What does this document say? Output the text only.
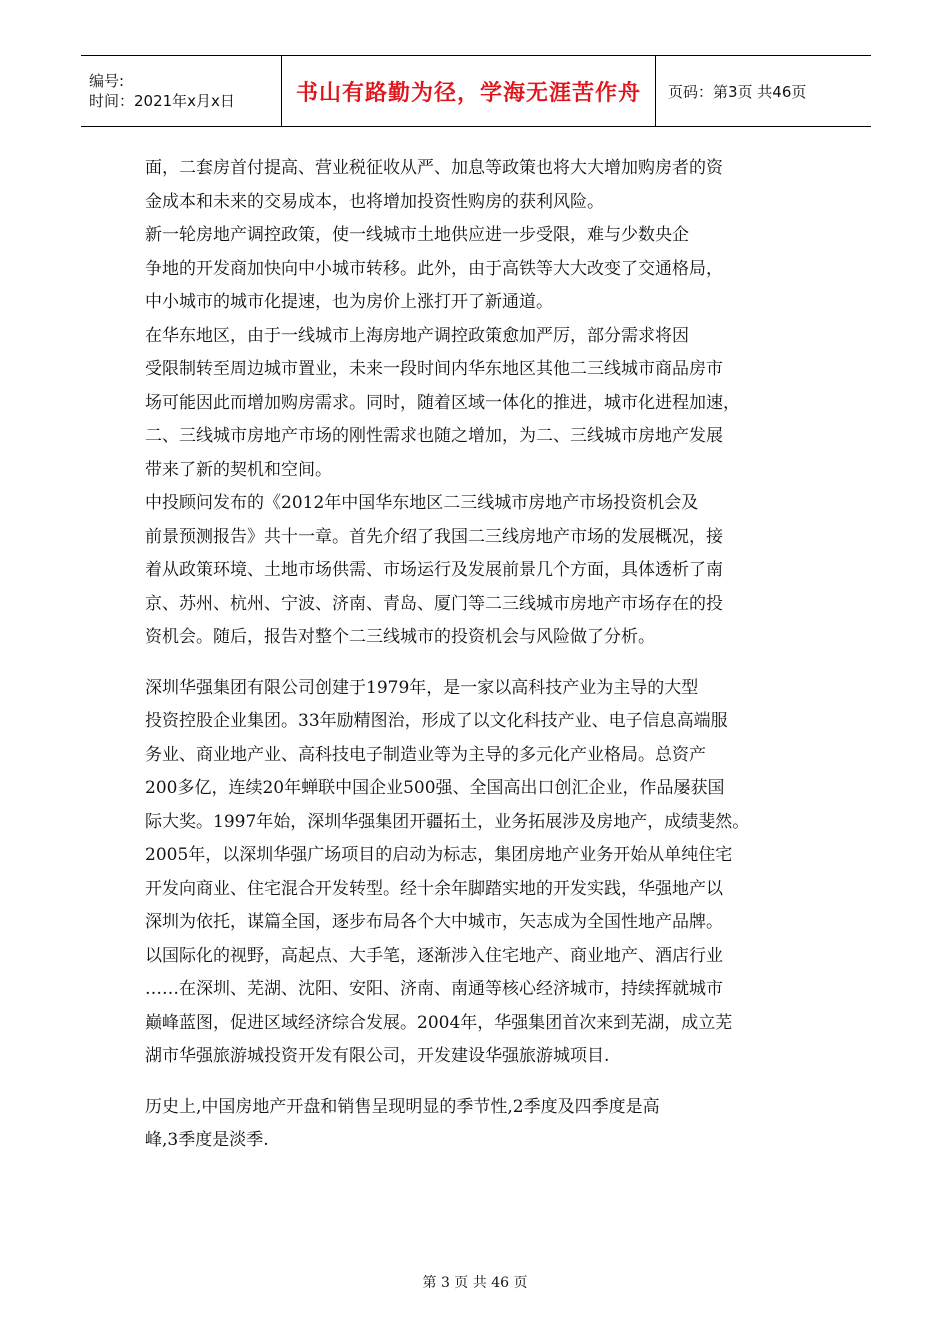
编号:
时间：2021年x月x日	书山有路勤为径，学海无涯苦作舟	页码：第3页 共46页
面，二套房首付提高、营业税征收从严、加息等政策也将大大增加购房者的资
金成本和未来的交易成本，也将增加投资性购房的获利风险。
新一轮房地产调控政策，使一线城市土地供应进一步受限，难与少数央企
争地的开发商加快向中小城市转移。此外，由于高铁等大大改变了交通格局，
中小城市的城市化提速，也为房价上涨打开了新通道。
在华东地区，由于一线城市上海房地产调控政策愈加严厉，部分需求将因
受限制转至周边城市置业，未来一段时间内华东地区其他二三线城市商品房市
场可能因此而增加购房需求。同时，随着区域一体化的推进，城市化进程加速，
二、三线城市房地产市场的刚性需求也随之增加，为二、三线城市房地产发展
带来了新的契机和空间。
中投顾问发布的《2012年中国华东地区二三线城市房地产市场投资机会及
前景预测报告》共十一章。首先介绍了我国二三线房地产市场的发展概况，接
着从政策环境、土地市场供需、市场运行及发展前景几个方面，具体透析了南
京、苏州、杭州、宁波、济南、青岛、厦门等二三线城市房地产市场存在的投
资机会。随后，报告对整个二三线城市的投资机会与风险做了分析。
深圳华强集团有限公司创建于1979年，是一家以高科技产业为主导的大型
投资控股企业集团。33年励精图治，形成了以文化科技产业、电子信息高端服
务业、商业地产业、高科技电子制造业等为主导的多元化产业格局。总资产
200多亿，连续20年蝉联中国企业500强、全国高出口创汇企业，作品屡获国
际大奖。1997年始，深圳华强集团开疆拓土，业务拓展涉及房地产，成绩斐然。
2005年，以深圳华强广场项目的启动为标志，集团房地产业务开始从单纯住宅
开发向商业、住宅混合开发转型。经十余年脚踏实地的开发实践，华强地产以
深圳为依托，谋篇全国，逐步布局各个大中城市，矢志成为全国性地产品牌。
以国际化的视野，高起点、大手笔，逐渐涉入住宅地产、商业地产、酒店行业
……在深圳、芜湖、沈阳、安阳、济南、南通等核心经济城市，持续挥就城市
巅峰蓝图，促进区域经济综合发展。2004年，华强集团首次来到芜湖，成立芜
湖市华强旅游城投资开发有限公司，开发建设华强旅游城项目.
历史上,中国房地产开盘和销售呈现明显的季节性,2季度及四季度是高
峰,3季度是淡季.
第 3 页 共 46 页
